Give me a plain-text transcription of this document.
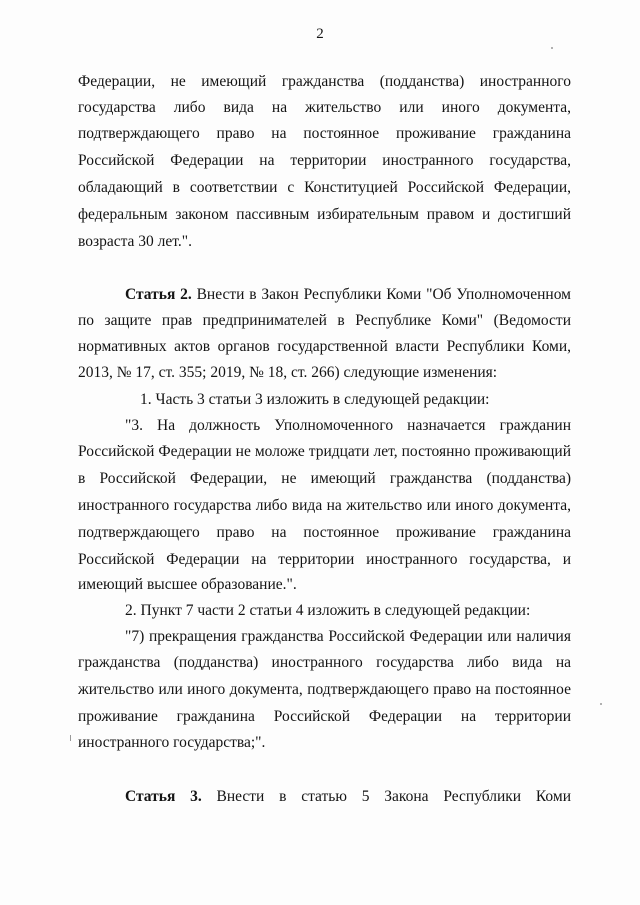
2
Федерации, не имеющий гражданства (подданства) иностранного
государства либо вида на жительство или иного документа,
подтверждающего право на постоянное проживание гражданина
Российской Федерации на территории иностранного государства,
обладающий в соответствии с Конституцией Российской Федерации,
федеральным законом пассивным избирательным правом и достигший
возраста 30 лет.".
Статья 2. Внести в Закон Республики Коми "Об Уполномоченном
по защите прав предпринимателей в Республике Коми" (Ведомости
нормативных актов органов государственной власти Республики Коми,
2013, № 17, ст. 355; 2019, № 18, ст. 266) следующие изменения:
1. Часть 3 статьи 3 изложить в следующей редакции:
"3. На должность Уполномоченного назначается гражданин
Российской Федерации не моложе тридцати лет, постоянно проживающий
в Российской Федерации, не имеющий гражданства (подданства)
иностранного государства либо вида на жительство или иного документа,
подтверждающего право на постоянное проживание гражданина
Российской Федерации на территории иностранного государства, и
имеющий высшее образование.".
2. Пункт 7 части 2 статьи 4 изложить в следующей редакции:
"7) прекращения гражданства Российской Федерации или наличия
гражданства (подданства) иностранного государства либо вида на
жительство или иного документа, подтверждающего право на постоянное
проживание гражданина Российской Федерации на территории
иностранного государства;".
Статья 3. Внести в статью 5 Закона Республики Коми
